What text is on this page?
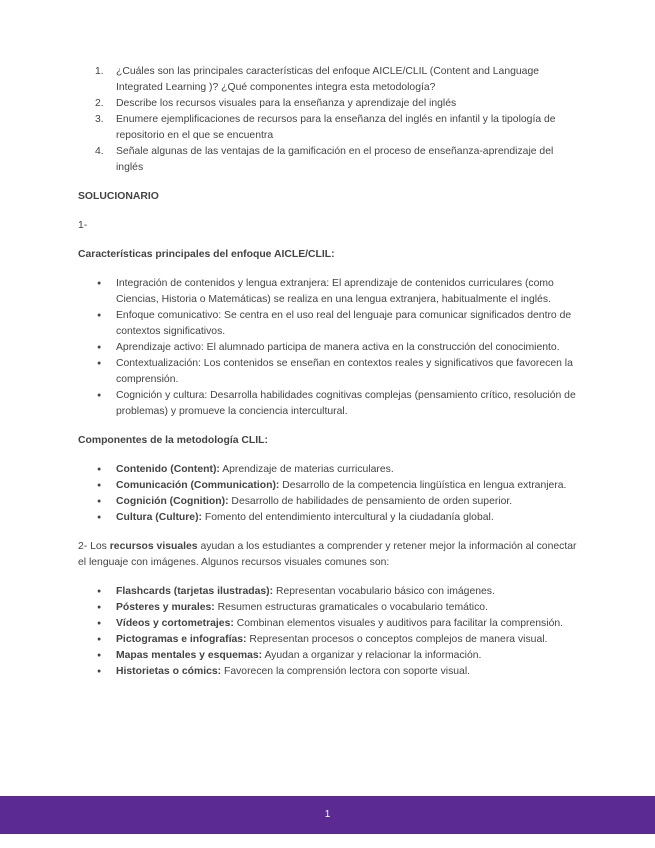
1. ¿Cuáles son las principales características del enfoque AICLE/CLIL (Content and Language Integrated Learning )? ¿Qué componentes integra esta metodología?
2. Describe los recursos visuales para la enseñanza y aprendizaje del inglés
3. Enumere ejemplificaciones de recursos para la enseñanza del inglés en infantil y la tipología de repositorio en el que se encuentra
4. Señale algunas de las ventajas de la gamificación en el proceso de enseñanza-aprendizaje del inglés

SOLUCIONARIO

1-

Características principales del enfoque AICLE/CLIL:

● Integración de contenidos y lengua extranjera: El aprendizaje de contenidos curriculares (como Ciencias, Historia o Matemáticas) se realiza en una lengua extranjera, habitualmente el inglés.
● Enfoque comunicativo: Se centra en el uso real del lenguaje para comunicar significados dentro de contextos significativos.
● Aprendizaje activo: El alumnado participa de manera activa en la construcción del conocimiento.
● Contextualización: Los contenidos se enseñan en contextos reales y significativos que favorecen la comprensión.
● Cognición y cultura: Desarrolla habilidades cognitivas complejas (pensamiento crítico, resolución de problemas) y promueve la conciencia intercultural.

Componentes de la metodología CLIL:

● Contenido (Content): Aprendizaje de materias curriculares.
● Comunicación (Communication): Desarrollo de la competencia lingüística en lengua extranjera.
● Cognición (Cognition): Desarrollo de habilidades de pensamiento de orden superior.
● Cultura (Culture): Fomento del entendimiento intercultural y la ciudadanía global.

2- Los recursos visuales ayudan a los estudiantes a comprender y retener mejor la información al conectar el lenguaje con imágenes. Algunos recursos visuales comunes son:

● Flashcards (tarjetas ilustradas): Representan vocabulario básico con imágenes.
● Pósteres y murales: Resumen estructuras gramaticales o vocabulario temático.
● Vídeos y cortometrajes: Combinan elementos visuales y auditivos para facilitar la comprensión.
● Pictogramas e infografías: Representan procesos o conceptos complejos de manera visual.
● Mapas mentales y esquemas: Ayudan a organizar y relacionar la información.
● Historietas o cómics: Favorecen la comprensión lectora con soporte visual.
1
